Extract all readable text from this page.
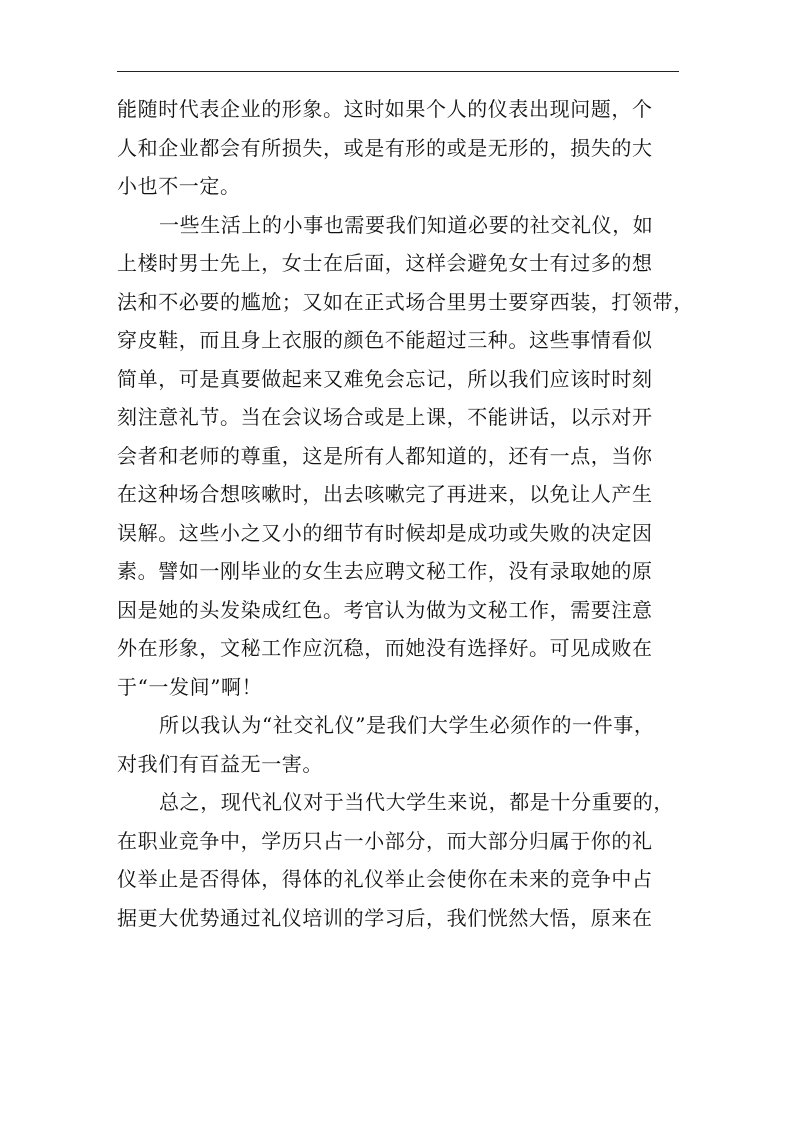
能随时代表企业的形象。这时如果个人的仪表出现问题，个
人和企业都会有所损失，或是有形的或是无形的，损失的大
小也不一定。
一些生活上的小事也需要我们知道必要的社交礼仪，如
上楼时男士先上，女士在后面，这样会避免女士有过多的想
法和不必要的尴尬；又如在正式场合里男士要穿西装，打领带，
穿皮鞋，而且身上衣服的颜色不能超过三种。这些事情看似
简单，可是真要做起来又难免会忘记，所以我们应该时时刻
刻注意礼节。当在会议场合或是上课，不能讲话，以示对开
会者和老师的尊重，这是所有人都知道的，还有一点，当你
在这种场合想咳嗽时，出去咳嗽完了再进来，以免让人产生
误解。这些小之又小的细节有时候却是成功或失败的决定因
素。譬如一刚毕业的女生去应聘文秘工作，没有录取她的原
因是她的头发染成红色。考官认为做为文秘工作，需要注意
外在形象，文秘工作应沉稳，而她没有选择好。可见成败在
于“一发间”啊！
所以我认为“社交礼仪”是我们大学生必须作的一件事，
对我们有百益无一害。
总之，现代礼仪对于当代大学生来说，都是十分重要的，
在职业竞争中，学历只占一小部分，而大部分归属于你的礼
仪举止是否得体，得体的礼仪举止会使你在未来的竞争中占
据更大优势通过礼仪培训的学习后，我们恍然大悟，原来在
